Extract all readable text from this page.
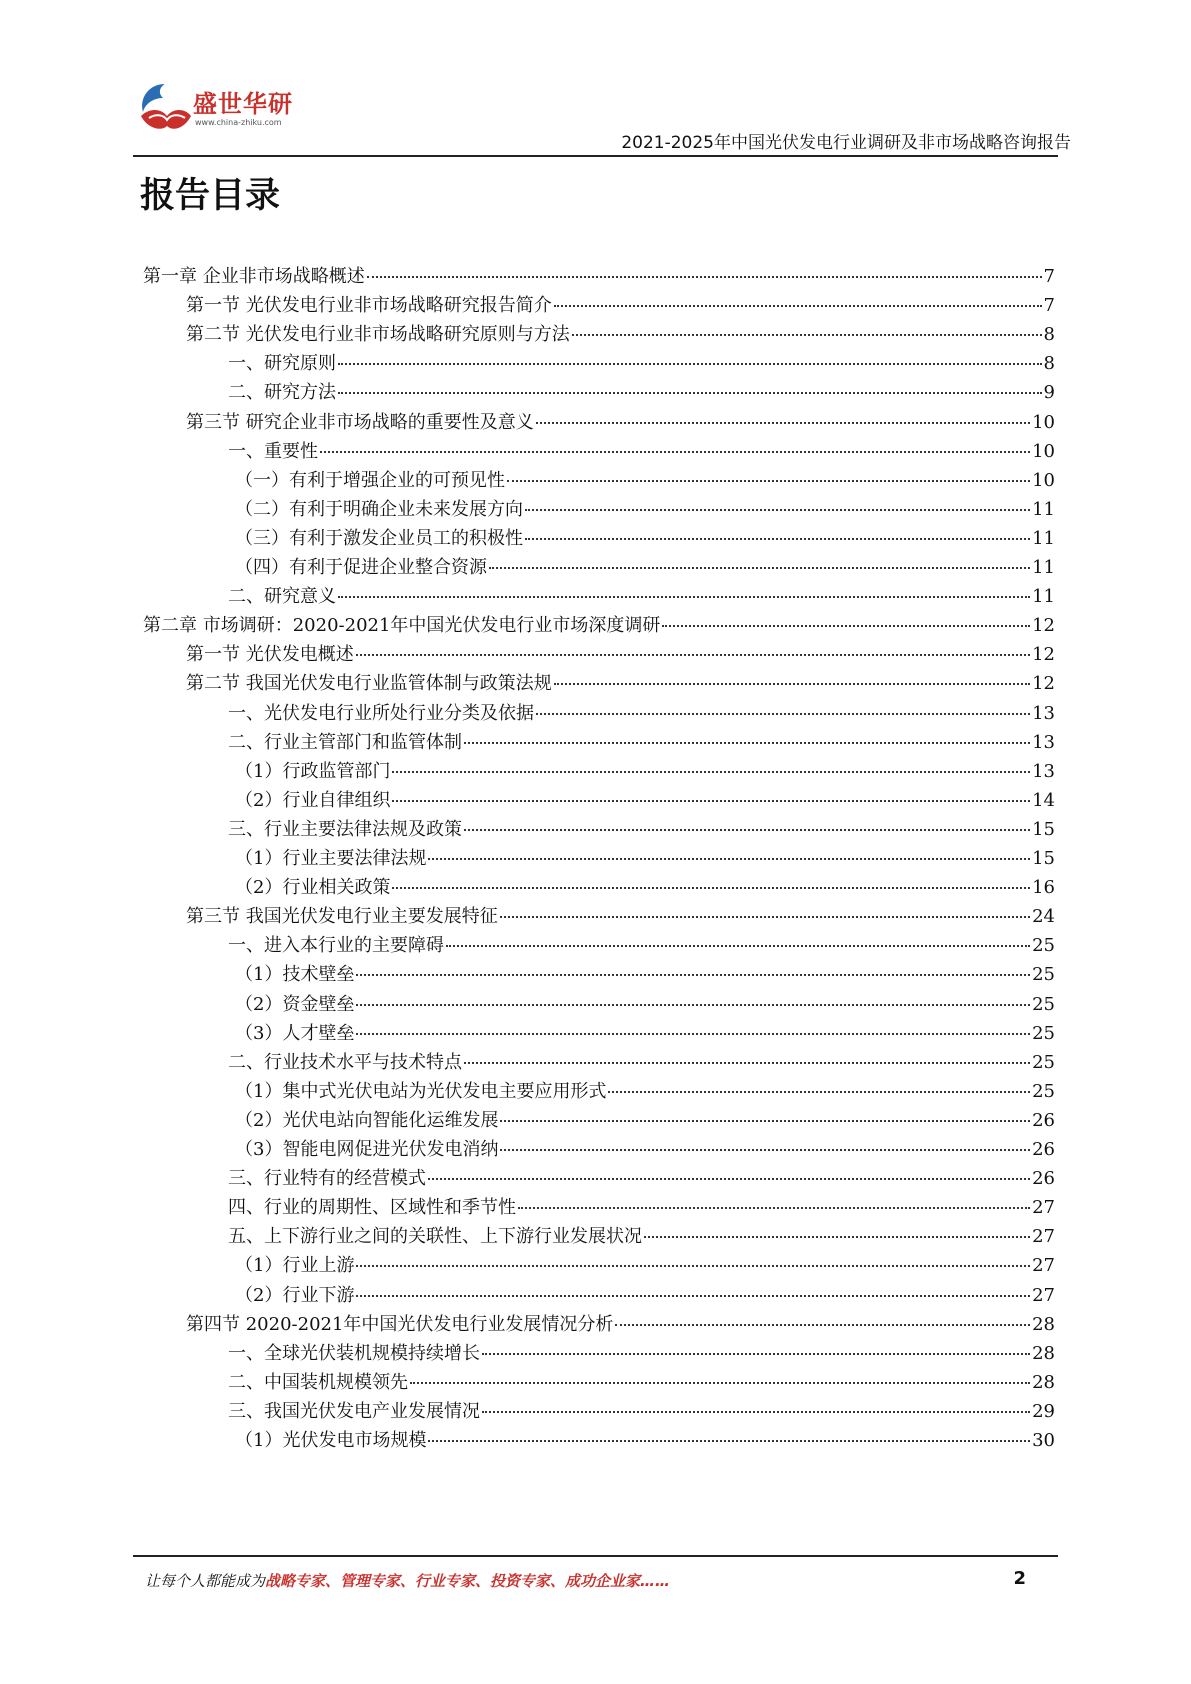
盛世华研
www.china-zhiku.com
2021-2025年中国光伏发电行业调研及非市场战略咨询报告
报告目录
第一章 企业非市场战略概述	7
第一节 光伏发电行业非市场战略研究报告简介	7
第二节 光伏发电行业非市场战略研究原则与方法	8
一、研究原则	8
二、研究方法	9
第三节 研究企业非市场战略的重要性及意义	10
一、重要性	10
（一）有利于增强企业的可预见性	10
（二）有利于明确企业未来发展方向	11
（三）有利于激发企业员工的积极性	11
（四）有利于促进企业整合资源	11
二、研究意义	11
第二章 市场调研：2020-2021年中国光伏发电行业市场深度调研	12
第一节 光伏发电概述	12
第二节 我国光伏发电行业监管体制与政策法规	12
一、光伏发电行业所处行业分类及依据	13
二、行业主管部门和监管体制	13
（1）行政监管部门	13
（2）行业自律组织	14
三、行业主要法律法规及政策	15
（1）行业主要法律法规	15
（2）行业相关政策	16
第三节 我国光伏发电行业主要发展特征	24
一、进入本行业的主要障碍	25
（1）技术壁垒	25
（2）资金壁垒	25
（3）人才壁垒	25
二、行业技术水平与技术特点	25
（1）集中式光伏电站为光伏发电主要应用形式	25
（2）光伏电站向智能化运维发展	26
（3）智能电网促进光伏发电消纳	26
三、行业特有的经营模式	26
四、行业的周期性、区域性和季节性	27
五、上下游行业之间的关联性、上下游行业发展状况	27
（1）行业上游	27
（2）行业下游	27
第四节 2020-2021年中国光伏发电行业发展情况分析	28
一、全球光伏装机规模持续增长	28
二、中国装机规模领先	28
三、我国光伏发电产业发展情况	29
（1）光伏发电市场规模	30
让每个人都能成为战略专家、管理专家、行业专家、投资专家、成功企业家……	2
